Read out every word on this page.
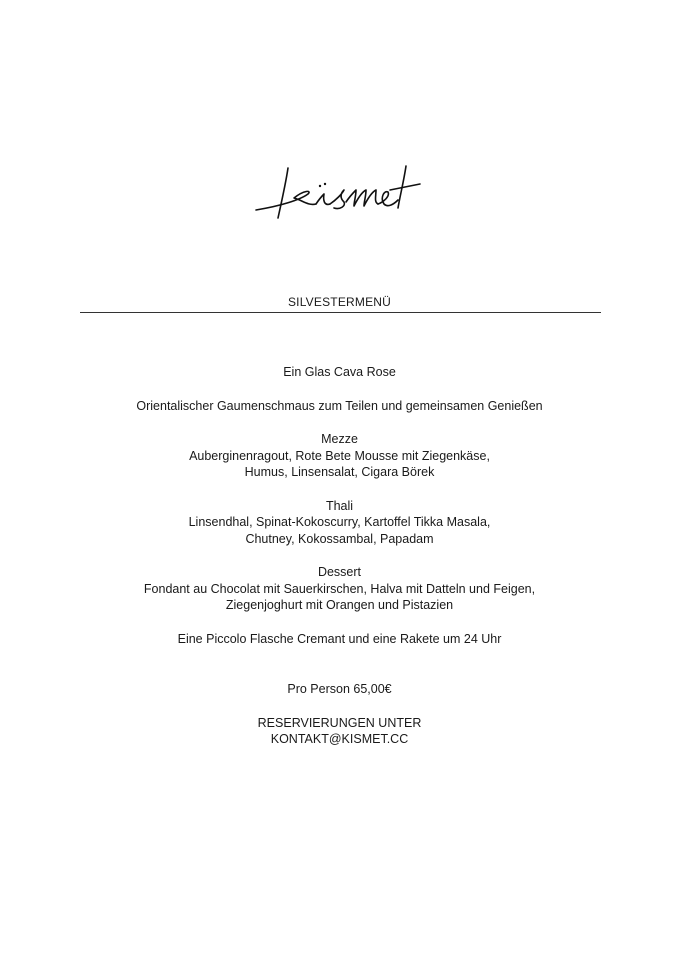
SILVESTERMENÜ
Ein Glas Cava Rose
Orientalischer Gaumenschmaus zum Teilen und gemeinsamen Genießen
Mezze
Auberginenragout, Rote Bete Mousse mit Ziegenkäse,
Humus, Linsensalat, Cigara Börek
Thali
Linsendhal, Spinat-Kokoscurry, Kartoffel Tikka Masala,
Chutney, Kokossambal, Papadam
Dessert
Fondant au Chocolat mit Sauerkirschen, Halva mit Datteln und Feigen,
Ziegenjoghurt mit Orangen und Pistazien
Eine Piccolo Flasche Cremant und eine Rakete um 24 Uhr
Pro Person 65,00€
RESERVIERUNGEN UNTER
KONTAKT@KISMET.CC
